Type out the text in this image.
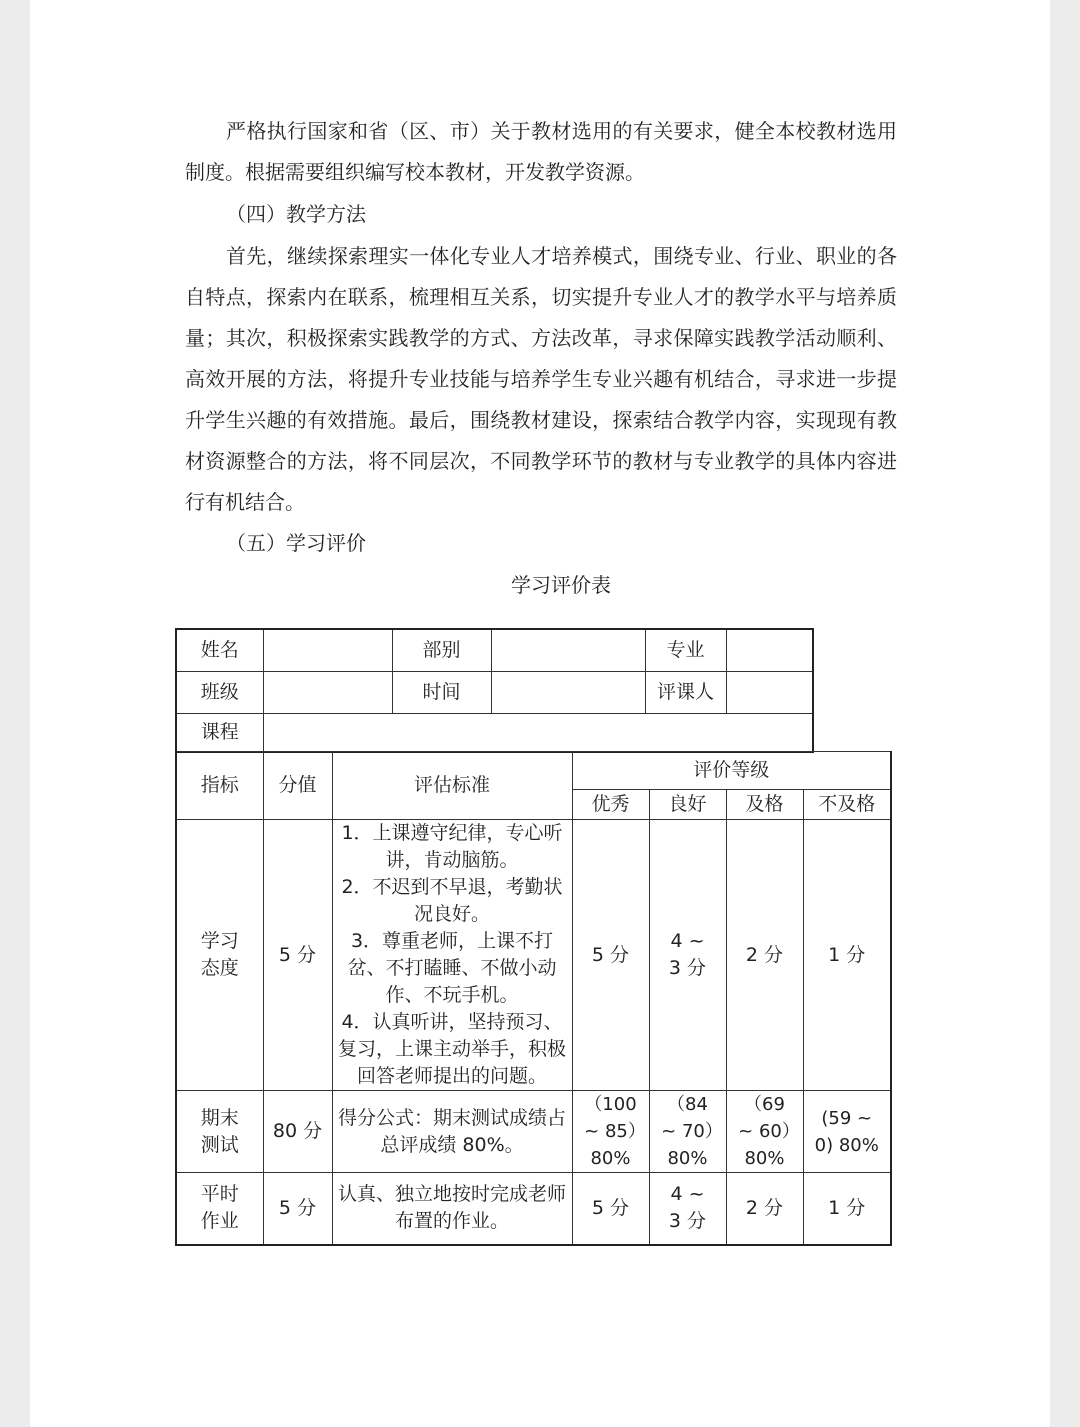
严格执行国家和省（区、市）关于教材选用的有关要求，健全本校教材选用制度。根据需要组织编写校本教材，开发教学资源。

（四）教学方法

首先，继续探索理实一体化专业人才培养模式，围绕专业、行业、职业的各自特点，探索内在联系，梳理相互关系，切实提升专业人才的教学水平与培养质量；其次，积极探索实践教学的方式、方法改革，寻求保障实践教学活动顺利、高效开展的方法，将提升专业技能与培养学生专业兴趣有机结合，寻求进一步提升学生兴趣的有效措施。最后，围绕教材建设，探索结合教学内容，实现现有教材资源整合的方法，将不同层次，不同教学环节的教材与专业教学的具体内容进行有机结合。

（五）学习评价

学习评价表
姓名		部别		专业	
班级		时间		评课人	
课程					
指标	分值	评估标准	评价等级			
			优秀	良好	及格	不及格
学习态度	5 分	1．上课遵守纪律，专心听讲，肯动脑筋。
2．不迟到不早退，考勤状况良好。
3．尊重老师，上课不打岔、不打瞌睡、不做小动作、不玩手机。
4．认真听讲，坚持预习、复习，上课主动举手，积极回答老师提出的问题。	5 分	4 ~ 3 分	2 分	1 分
期末测试	80 分	得分公式：期末测试成绩占总评成绩 80%。	（100 ~ 85）80%	（84 ~ 70）80%	（69 ~ 60）80%	(59 ~ 0) 80%
平时作业	5 分	认真、独立地按时完成老师布置的作业。	5 分	4 ~ 3 分	2 分	1 分
